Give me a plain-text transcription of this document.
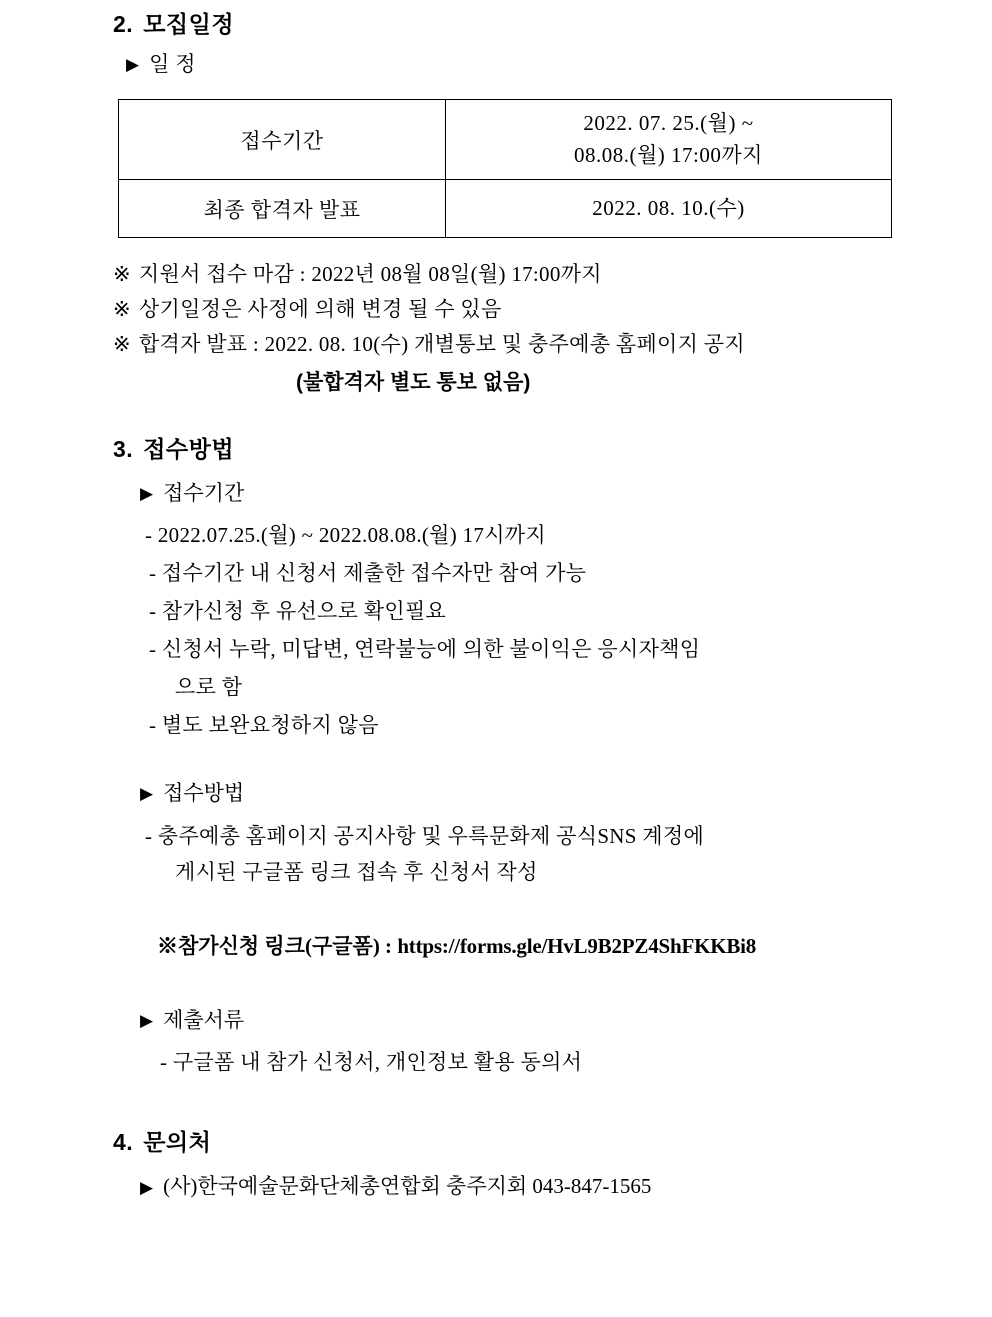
2. 모집일정
▶ 일 정
접수기간	2022. 07. 25.(월) ~
08.08.(월) 17:00까지

최종 합격자 발표	2022. 08. 10.(수)
※ 지원서 접수 마감 : 2022년 08월 08일(월) 17:00까지
※ 상기일정은 사정에 의해 변경 될 수 있음
※ 합격자 발표 : 2022. 08. 10(수) 개별통보 및 충주예총 홈페이지 공지
(불합격자 별도 통보 없음)
3. 접수방법
▶ 접수기간
- 2022.07.25.(월) ~ 2022.08.08.(월) 17시까지
- 접수기간 내 신청서 제출한 접수자만 참여 가능
- 참가신청 후 유선으로 확인필요
- 신청서 누락, 미답변, 연락불능에 의한 불이익은 응시자책임
으로 함
- 별도 보완요청하지 않음
▶ 접수방법
- 충주예총 홈페이지 공지사항 및 우륵문화제 공식SNS 계정에
게시된 구글폼 링크 접속 후 신청서 작성
※참가신청 링크(구글폼) : https://forms.gle/HvL9B2PZ4ShFKKBi8
▶ 제출서류
- 구글폼 내 참가 신청서, 개인정보 활용 동의서
4. 문의처
▶ (사)한국예술문화단체총연합회 충주지회 043-847-1565
